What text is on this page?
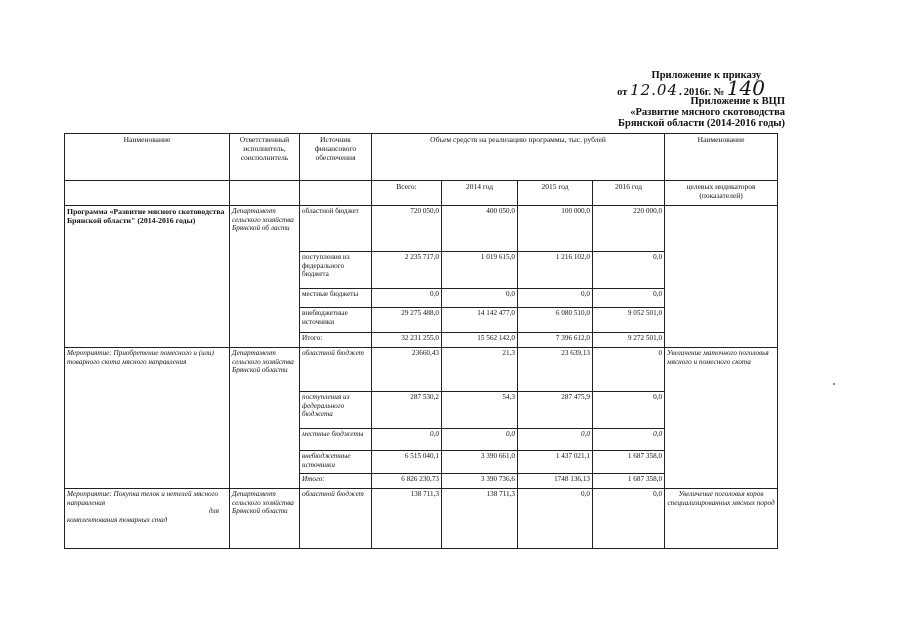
Приложение к приказу
от 12.04.2016г. № 140
Приложение к ВЦП
«Развитие мясного скотоводства
Брянской области (2014-2016 годы)
Наименование	Ответственный исполнитель, соисполнитель	Источник финансового обеспечения	Объем средств на реализацию программы, тыс. рублей				Наименование
			Всего:	2014 год	2015 год	2016 год	целевых индикаторов (показателей)
Программа «Развитие мясного скотоводства Брянской области" (2014-2016 годы)	Департамент сельского хозяйства Брянской об ласти	областной бюджет	720 050,0	400 050,0	100 000,0	220 000,0	
		поступления из федерального бюджета	2 235 717,0	1 019 615,0	1 216 102,0	0,0	
		местные бюджеты	0,0	0,0	0,0	0,0	
		внебюджетные источники	29 275 488,0	14 142 477,0	6 080 510,0	9 052 501,0	
		Итого:	32 231 255,0	15 562 142,0	7 396 612,0	9 272 501,0	
Мероприятие: Приобретение помесного и (или) товарного скота мясного направления	Департамент сельского хозяйства Брянской области	областной бюджет	23660,43	21,3	23 639,13	0	Увеличение маточного поголовья мясного и помесного скота
		поступления из федерального бюджета	287 530,2	54,3	287 475,9	0,0	
		местные бюджеты	0,0	0,0	0,0	0,0	
		внебюджетные источники	6 515 040,1	3 390 661,0	1 437 021,1	1 687 358,0	
		Итого:	6 826 230,73	3 390 736,6	1748 136,13	1 687 358,0	

Мероприятие: Покупка телок и нетелей мясного направления
для
комплектования товарных стад	Департамент сельского хозяйства Брянской области	областной бюджет	138 711,3	138 711,3	0,0	0,0	Увеличение поголовья коров специализированных мясных пород
